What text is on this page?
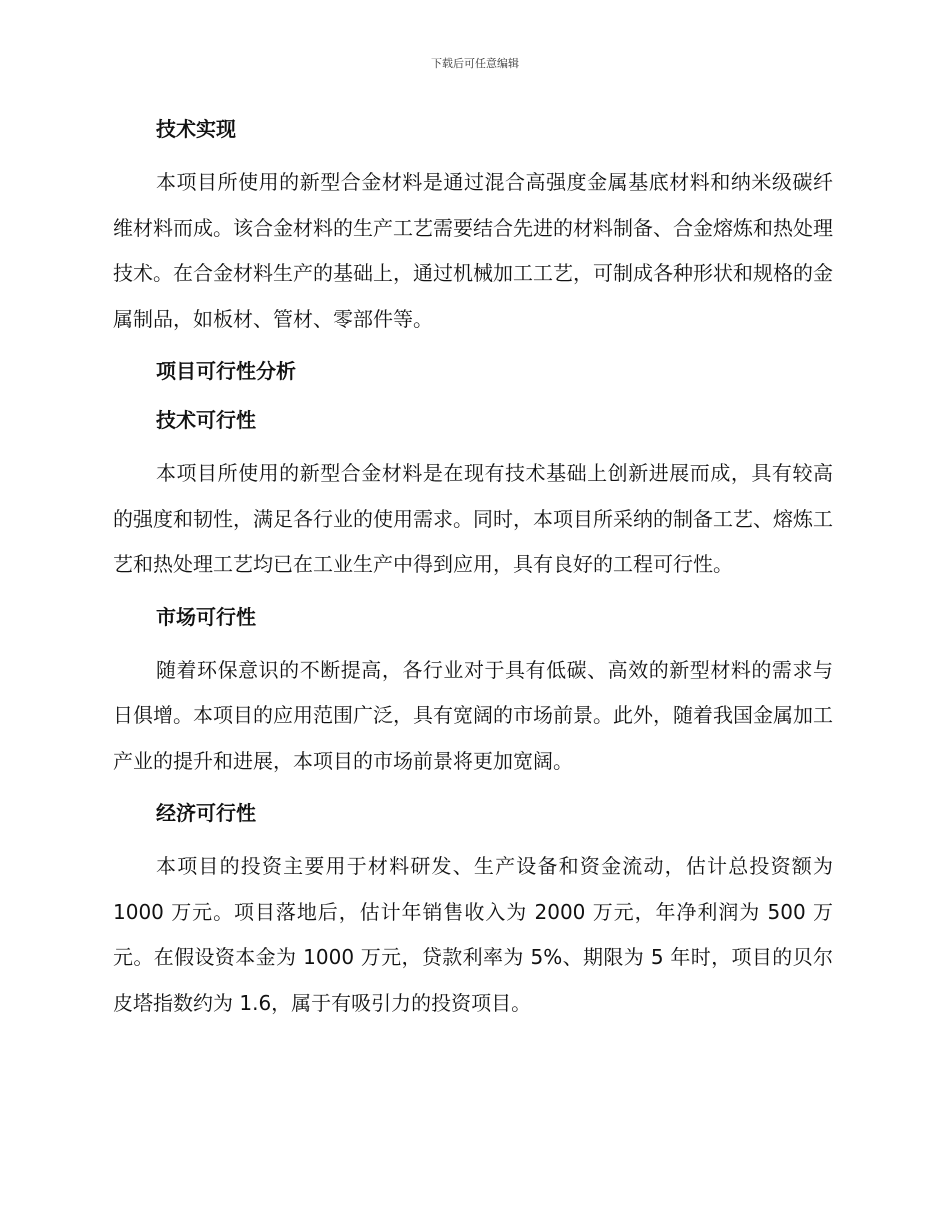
下载后可任意编辑
技术实现

本项目所使用的新型合金材料是通过混合高强度金属基底材料和纳米级碳纤维材料而成。该合金材料的生产工艺需要结合先进的材料制备、合金熔炼和热处理技术。在合金材料生产的基础上，通过机械加工工艺，可制成各种形状和规格的金属制品，如板材、管材、零部件等。

项目可行性分析
技术可行性

本项目所使用的新型合金材料是在现有技术基础上创新进展而成，具有较高的强度和韧性，满足各行业的使用需求。同时，本项目所采纳的制备工艺、熔炼工艺和热处理工艺均已在工业生产中得到应用，具有良好的工程可行性。

市场可行性

随着环保意识的不断提高，各行业对于具有低碳、高效的新型材料的需求与日俱增。本项目的应用范围广泛，具有宽阔的市场前景。此外，随着我国金属加工产业的提升和进展，本项目的市场前景将更加宽阔。

经济可行性

本项目的投资主要用于材料研发、生产设备和资金流动，估计总投资额为 1000 万元。项目落地后，估计年销售收入为 2000 万元，年净利润为 500 万元。在假设资本金为 1000 万元，贷款利率为 5%、期限为 5 年时，项目的贝尔皮塔指数约为 1.6，属于有吸引力的投资项目。
